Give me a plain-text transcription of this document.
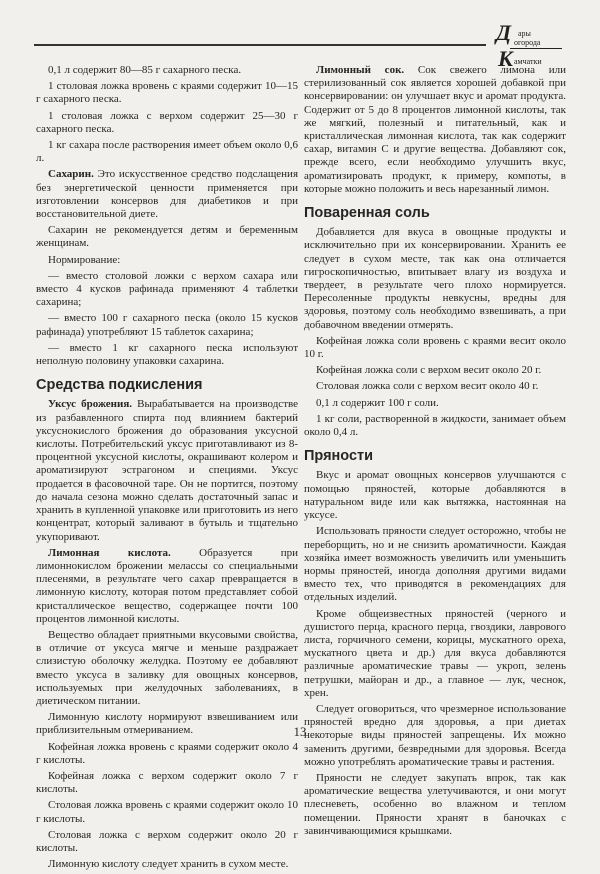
Д ары
огорода
К амчатки

0,1 л содержит 80—85 г сахарного песка.

1 столовая ложка вровень с краями содержит 10—15 г сахарного песка.

1 столовая ложка с верхом содержит 25—30 г сахарного песка.

1 кг сахара после растворения имеет объем около 0,6 л.

Сахарин. Это искусственное средство подслащения без энергетической ценности применяется при изготовлении консервов для диабетиков и при восстановительной диете.

Сахарин не рекомендуется детям и беременным женщинам.

Нормирование:

— вместо столовой ложки с верхом сахара или вместо 4 кусков рафинада применяют 4 таблетки сахарина;

— вместо 100 г сахарного песка (около 15 кусков рафинада) употребляют 15 таблеток сахарина;

— вместо 1 кг сахарного песка используют неполную половину упаковки сахарина.

Средства подкисления

Уксус брожения. Вырабатывается на производстве из разбавленного спирта под влиянием бактерий уксуснокислого брожения до образования уксусной кислоты. Потребительский уксус приготавливают из 8-процентной уксусной кислоты, окрашивают колером и ароматизируют эстрагоном и специями. Уксус продается в фасовочной таре. Он не портится, поэтому до начала сезона можно сделать достаточный запас и хранить в купленной упаковке или приготовить из него концентрат, который заливают в бутыль и тщательно укупоривают.

Лимонная кислота.	Образуется при лимоннокислом брожении мелассы со специальными плесенями, в результате чего сахар превращается в лимонную кислоту, которая потом представляет собой кристаллическое вещество, содержащее почти 100 процентов лимонной кислоты.

Вещество обладает приятными вкусовыми свойства, в отличие от уксуса мягче и меньше раздражает слизистую оболочку желудка. Поэтому ее добавляют вместо уксуса в заливку для овощных консервов, используемых при желудочных заболеваниях, в диетическом питании.

Лимонную кислоту нормируют взвешиванием или приблизительным отмериванием.

Кофейная ложка вровень с краями содержит около 4 г кислоты.

Кофейная ложка с верхом содержит около 7 г кислоты.

Столовая ложка вровень с краями содержит около 10 г кислоты.

Столовая ложка с верхом содержит около 20 г кислоты.

Лимонную кислоту следует хранить в сухом месте.

Лимонный сок. Сок свежего лимона или стерилизованный сок является хорошей добавкой при консервировании: он улучшает вкус и аромат продукта. Содержит от 5 до 8 процентов лимонной кислоты, так же мягкий, полезный и питательный, как и кристаллическая лимонная кислота, так как содержит сахар, витамин С и другие вещества. Добавляют сок, прежде всего, если необходимо улучшить вкус, ароматизировать продукт, к примеру, компоты, в которые можно положить и весь нарезанный лимон.

Поваренная соль

Добавляется для вкуса в овощные продукты и исключительно при их консервировании. Хранить ее следует в сухом месте, так как она отличается гигроскопичностью, впитывает влагу из воздуха и твердеет, в результате чего плохо нормируется. Пересоленные продукты невкусны, вредны для здоровья, поэтому соль необходимо взвешивать, а при добавочном введении отмерять.

Кофейная ложка соли вровень с краями весит около 10 г.

Кофейная ложка соли с верхом весит около 20 г.

Столовая ложка соли с верхом весит около 40 г.

0,1 л содержит 100 г соли.

1 кг соли, растворенной в жидкости, занимает объем около 0,4 л.

Пряности

Вкус и аромат овощных консервов улучшаются с помощью пряностей, которые добавляются в натуральном виде или как вытяжка, настоянная на уксусе.

Использовать пряности следует осторожно, чтобы не переборщить, но и не снизить ароматичности. Каждая хозяйка имеет возможность увеличить или уменьшить нормы пряностей, иногда дополняя другими видами вместо тех, что приводятся в рекомендациях для отдельных изделий.

Кроме общеизвестных пряностей (черного и душистого перца, красного перца, гвоздики, лаврового листа, горчичного семени, корицы, мускатного ореха, мускатного цвета и др.) для вкуса добавляются различные ароматические травы — укроп, зелень петрушки, майоран и др., а главное — лук, чеснок, хрен.

Следует оговориться, что чрезмерное использование пряностей вредно для здоровья, а при диетах некоторые виды пряностей запрещены. Их можно заменить другими, безвредными для здоровья. Всегда можно употреблять ароматические травы и растения.

Пряности не следует закупать впрок, так как ароматические вещества улетучиваются, и они могут плесневеть, особенно во влажном и теплом помещении. Пряности хранят в баночках с завинчивающимися крышками.

13
